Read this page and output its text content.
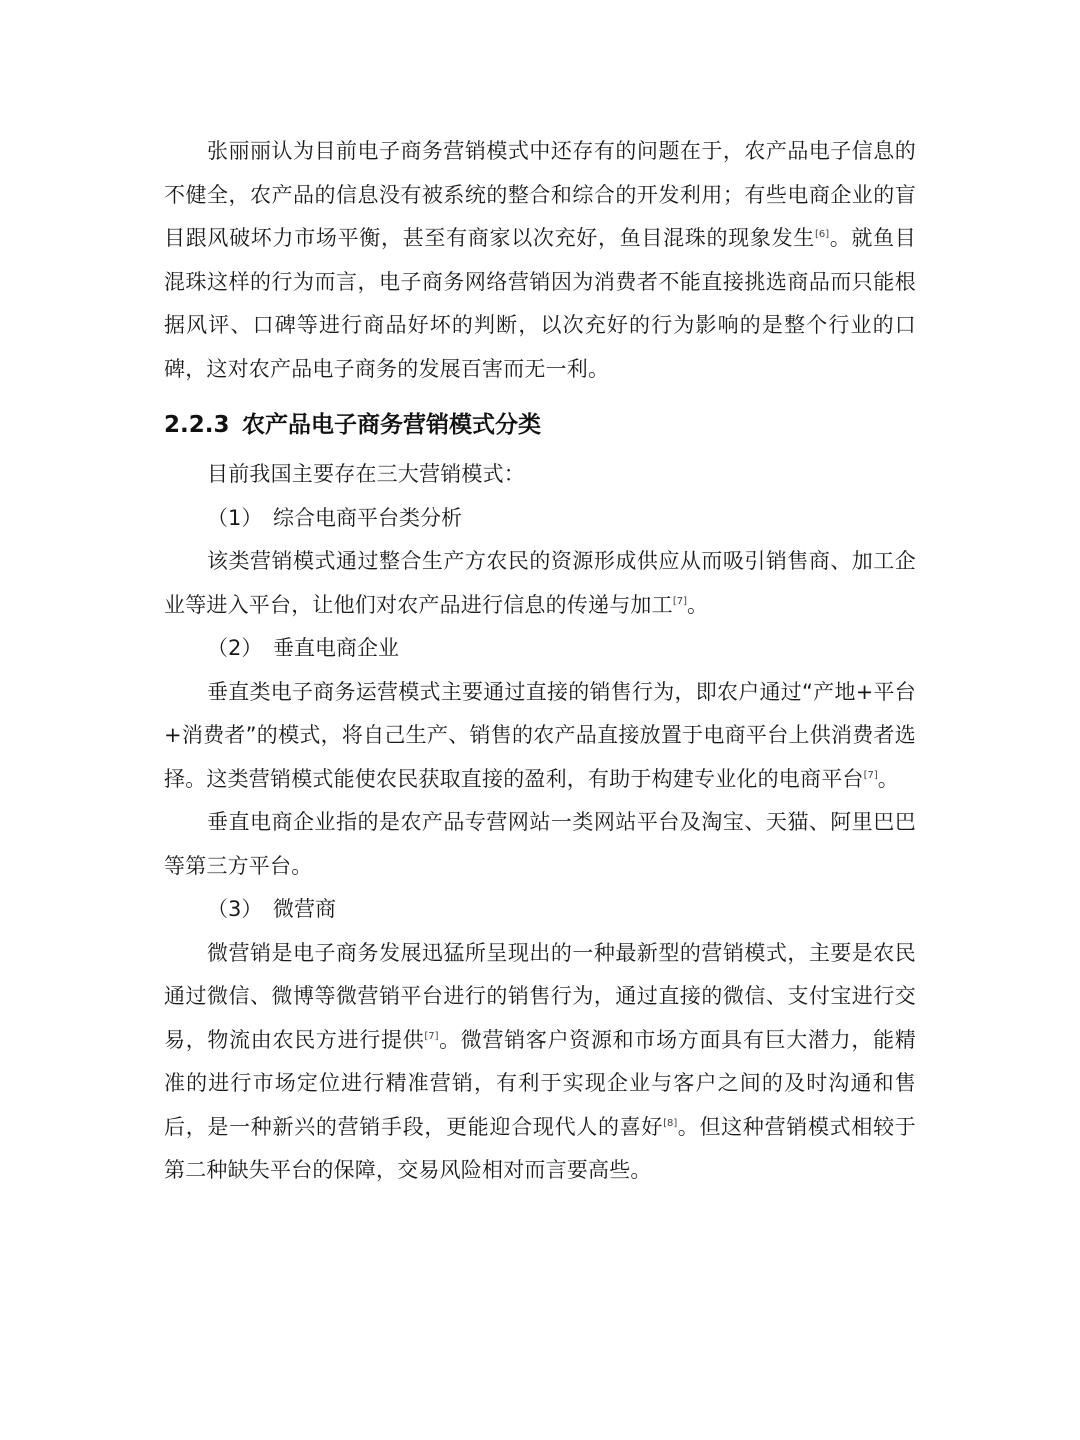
张丽丽认为目前电子商务营销模式中还存有的问题在于，农产品电子信息的不健全，农产品的信息没有被系统的整合和综合的开发利用；有些电商企业的盲目跟风破坏力市场平衡，甚至有商家以次充好，鱼目混珠的现象发生[6]。就鱼目混珠这样的行为而言，电子商务网络营销因为消费者不能直接挑选商品而只能根据风评、口碑等进行商品好坏的判断，以次充好的行为影响的是整个行业的口碑，这对农产品电子商务的发展百害而无一利。

2.2.3 农产品电子商务营销模式分类

目前我国主要存在三大营销模式：

（1） 综合电商平台类分析

该类营销模式通过整合生产方农民的资源形成供应从而吸引销售商、加工企业等进入平台，让他们对农产品进行信息的传递与加工[7]。

（2） 垂直电商企业

垂直类电子商务运营模式主要通过直接的销售行为，即农户通过“产地+平台+消费者”的模式，将自己生产、销售的农产品直接放置于电商平台上供消费者选择。这类营销模式能使农民获取直接的盈利，有助于构建专业化的电商平台[7]。

垂直电商企业指的是农产品专营网站一类网站平台及淘宝、天猫、阿里巴巴等第三方平台。

（3） 微营商

微营销是电子商务发展迅猛所呈现出的一种最新型的营销模式，主要是农民通过微信、微博等微营销平台进行的销售行为，通过直接的微信、支付宝进行交易，物流由农民方进行提供[7]。微营销客户资源和市场方面具有巨大潜力，能精准的进行市场定位进行精准营销，有利于实现企业与客户之间的及时沟通和售后，是一种新兴的营销手段，更能迎合现代人的喜好[8]。但这种营销模式相较于第二种缺失平台的保障，交易风险相对而言要高些。
